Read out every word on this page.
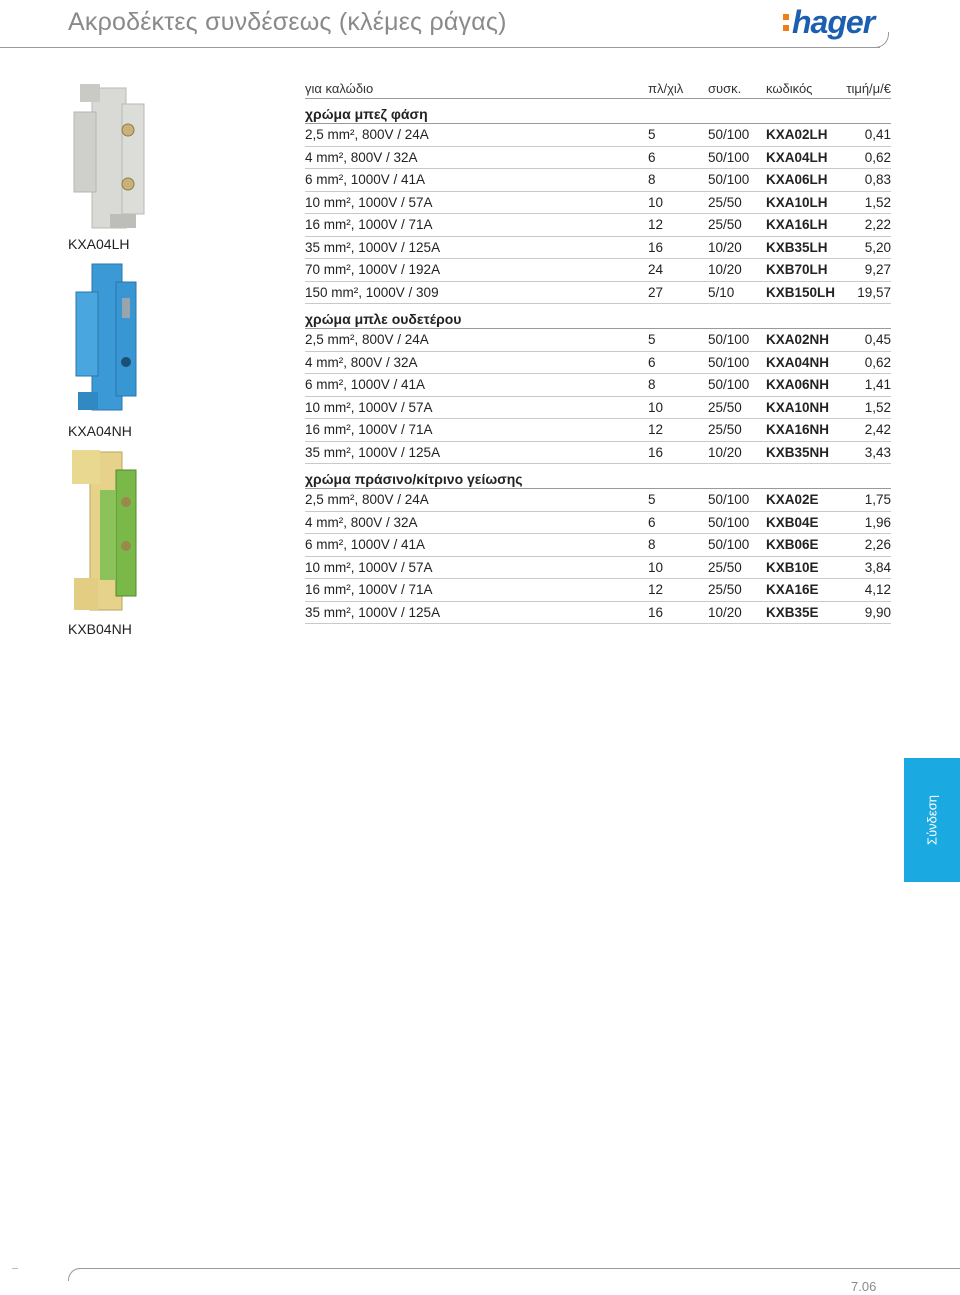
Ακροδέκτες συνδέσεως (κλέμες ράγας)	hager
KXA04LH
KXA04NH
KXB04NH
για καλώδιο	πλ/χιλ συσκ. κωδικός	τιμή/μ/€
χρώμα μπεζ φάση
2,5 mm², 800V / 24A	5	50/100 KXA02LH	0,41
4 mm², 800V / 32A	6	50/100 KXA04LH	0,62
6 mm², 1000V / 41A	8	50/100 KXA06LH	0,83
10 mm², 1000V / 57A	10	25/50 KXA10LH	1,52
16 mm², 1000V / 71A	12	25/50 KXA16LH	2,22
35 mm², 1000V / 125A	16	10/20 KXB35LH	5,20
70 mm², 1000V / 192A	24	10/20 KXB70LH	9,27
150 mm², 1000V / 309	27	5/10 KXB150LH 19,57
χρώμα μπλε ουδετέρου
2,5 mm², 800V / 24A	5	50/100 KXA02NH	0,45
4 mm², 800V / 32A	6	50/100 KXA04NH	0,62
6 mm², 1000V / 41A	8	50/100 KXA06NH	1,41
10 mm², 1000V / 57A	10	25/50 KXA10NH	1,52
16 mm², 1000V / 71A	12	25/50 KXA16NH	2,42
35 mm², 1000V / 125A	16	10/20 KXB35NH	3,43
χρώμα πράσινο/κίτρινο γείωσης
2,5 mm², 800V / 24A	5	50/100 KXA02E	1,75
4 mm², 800V / 32A	6	50/100 KXB04E	1,96
6 mm², 1000V / 41A	8	50/100 KXB06E	2,26
10 mm², 1000V / 57A	10	25/50 KXB10E	3,84
16 mm², 1000V / 71A	12	25/50 KXA16E	4,12
35 mm², 1000V / 125A	16	10/20 KXB35E	9,90
Σύνδεση
7.06
